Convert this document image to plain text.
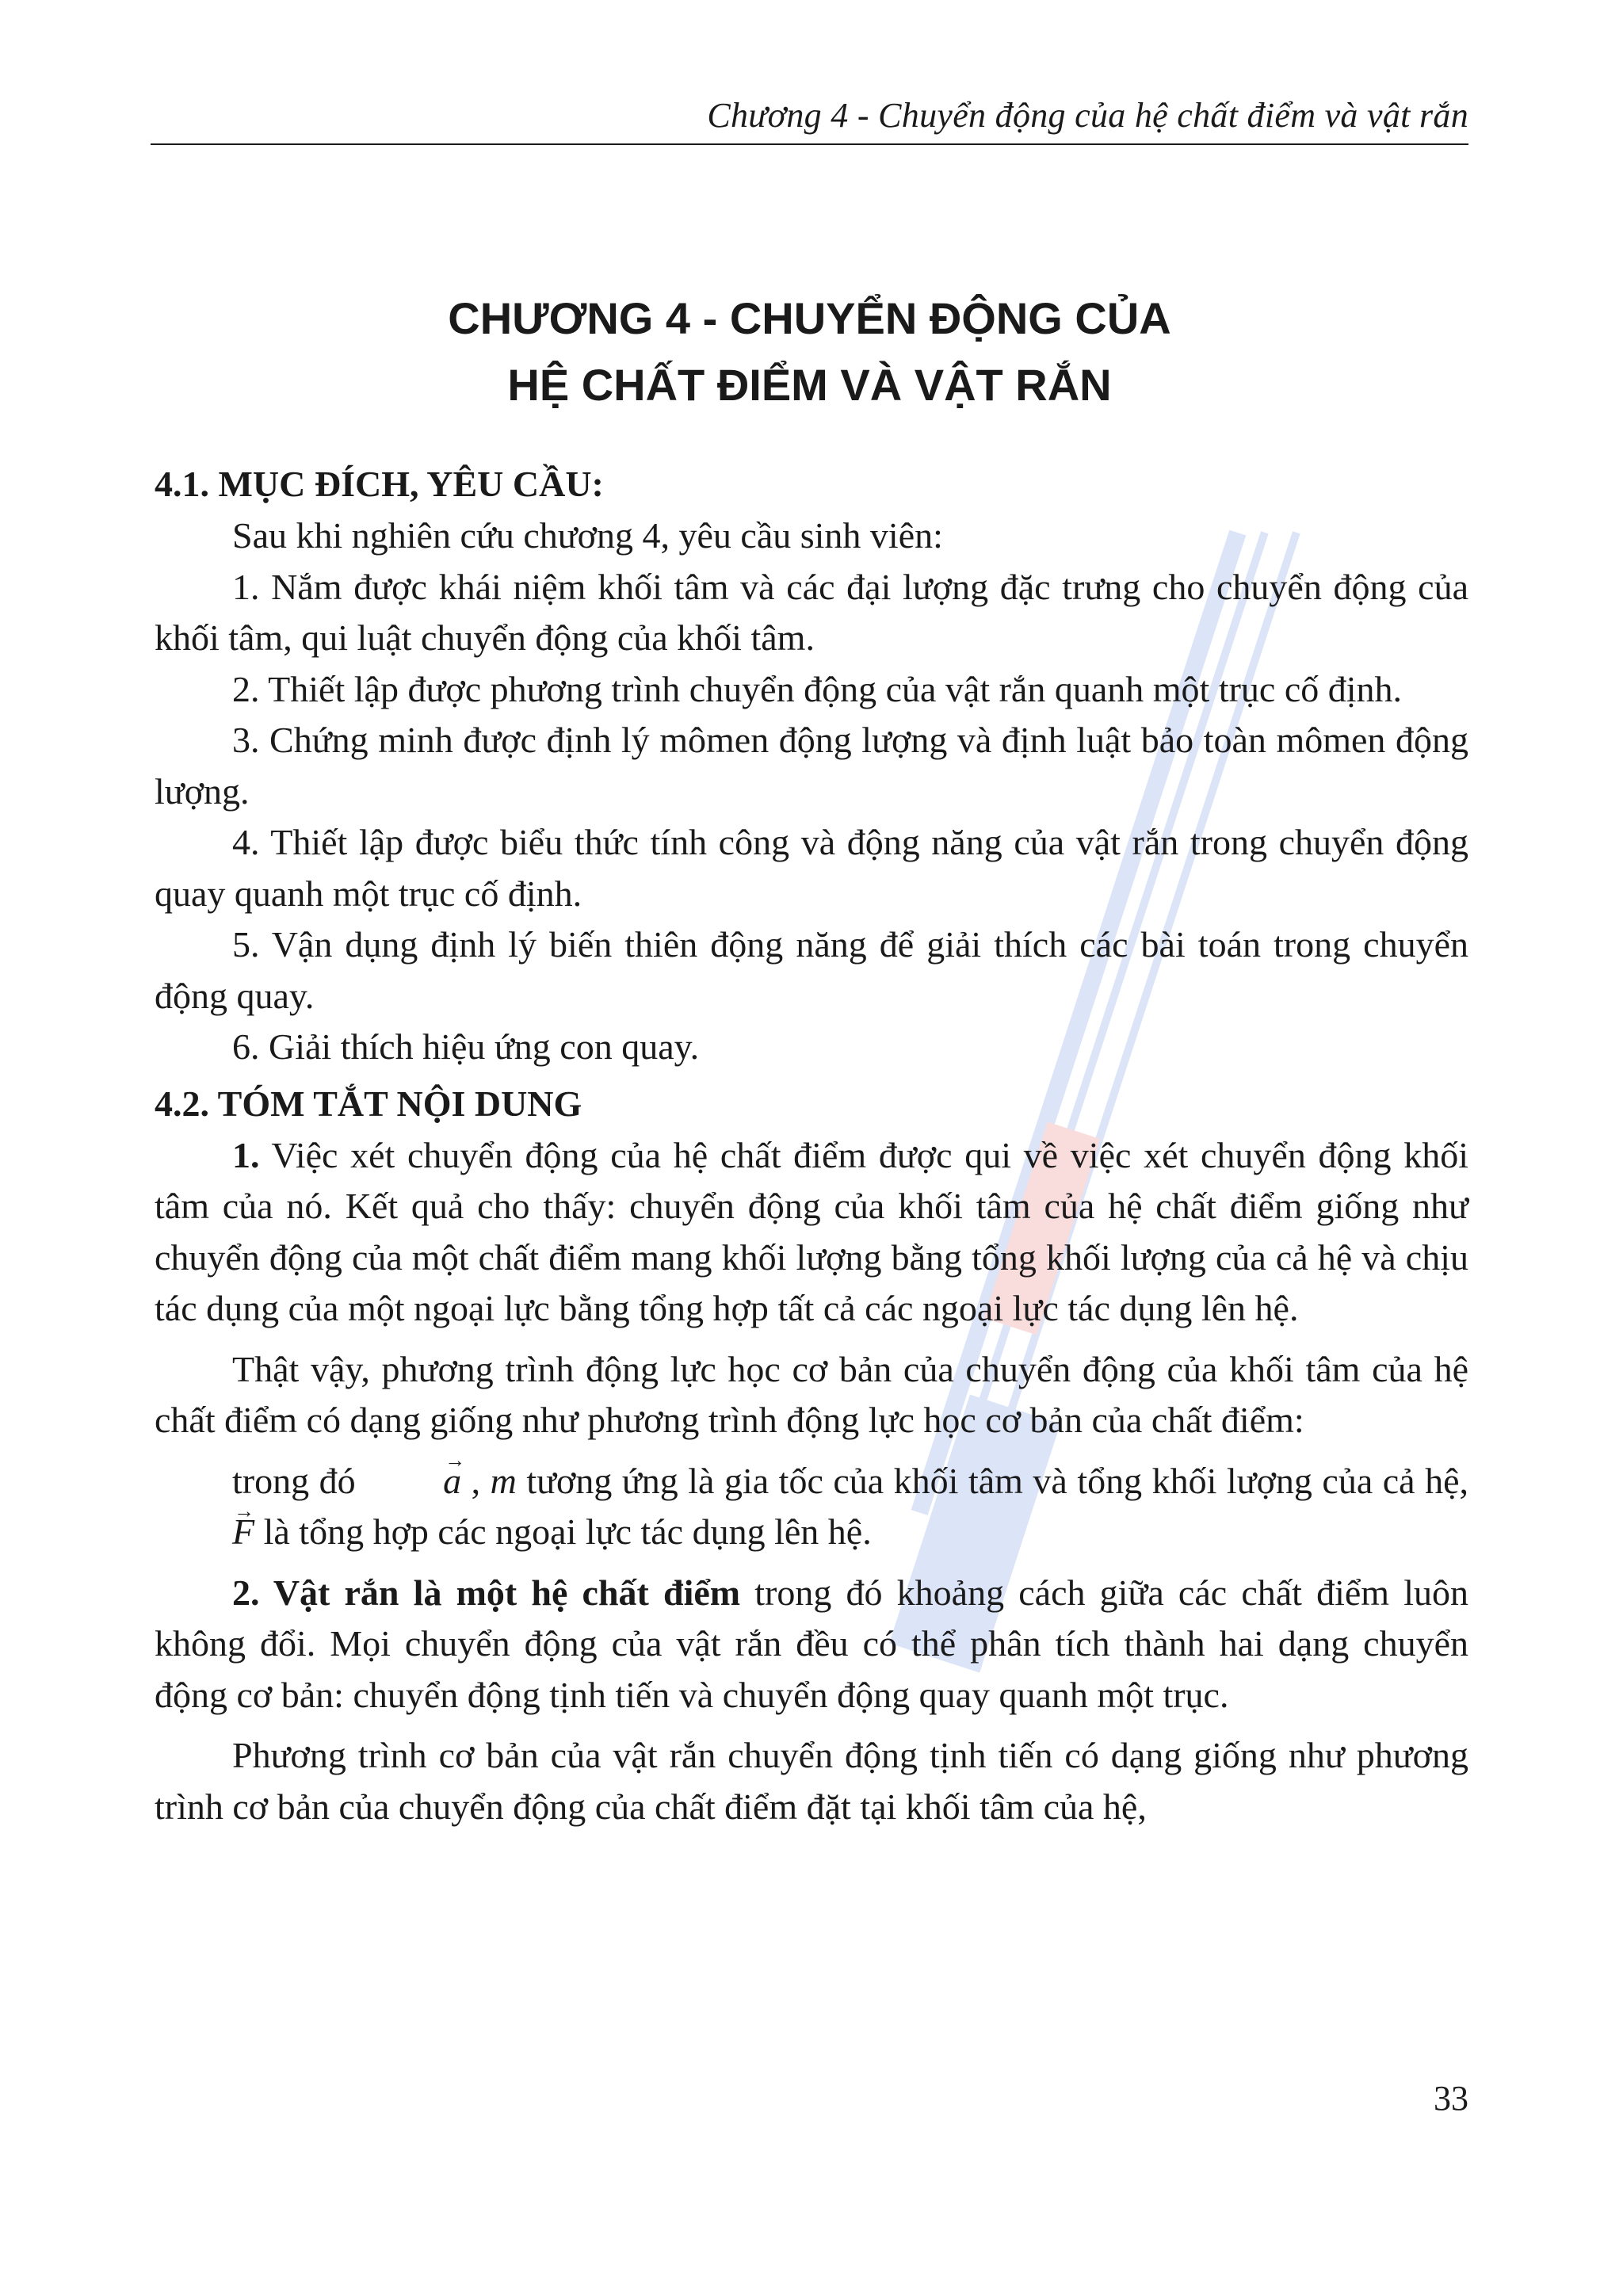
Chương 4 - Chuyển động của hệ chất điểm và vật rắn
CHƯƠNG 4 - CHUYỂN ĐỘNG CỦA
HỆ CHẤT ĐIỂM VÀ VẬT RẮN
4.1. MỤC ĐÍCH, YÊU CẦU:

Sau khi nghiên cứu chương 4, yêu cầu sinh viên:

1. Nắm được khái niệm khối tâm và các đại lượng đặc trưng cho chuyển động của khối tâm, qui luật chuyển động của khối tâm.

2. Thiết lập được phương trình chuyển động của vật rắn quanh một trục cố định.

3. Chứng minh được định lý mômen động lượng và định luật bảo toàn mômen động lượng.

4. Thiết lập được biểu thức tính công và động năng của vật rắn trong chuyển động quay quanh một trục cố định.

5. Vận dụng định lý biến thiên động năng để giải thích các bài toán trong chuyển động quay.

6. Giải thích hiệu ứng con quay.

4.2. TÓM TẮT NỘI DUNG

1. Việc xét chuyển động của hệ chất điểm được qui về việc xét chuyển động khối tâm của nó. Kết quả cho thấy: chuyển động của khối tâm của hệ chất điểm giống như chuyển động của một chất điểm mang khối lượng bằng tổng khối lượng của cả hệ và chịu tác dụng của một ngoại lực bằng tổng hợp tất cả các ngoại lực tác dụng lên hệ.

Thật vậy, phương trình động lực học cơ bản của chuyển động của khối tâm của hệ chất điểm có dạng giống như phương trình động lực học cơ bản của chất điểm:

trong đó → a , m tương ứng là gia tốc của khối tâm và tổng khối lượng của cả hệ, → F là tổng hợp các ngoại lực tác dụng lên hệ.

2. Vật rắn là một hệ chất điểm trong đó khoảng cách giữa các chất điểm luôn không đổi. Mọi chuyển động của vật rắn đều có thể phân tích thành hai dạng chuyển động cơ bản: chuyển động tịnh tiến và chuyển động quay quanh một trục.

Phương trình cơ bản của vật rắn chuyển động tịnh tiến có dạng giống như phương trình cơ bản của chuyển động của chất điểm đặt tại khối tâm của hệ,

33
